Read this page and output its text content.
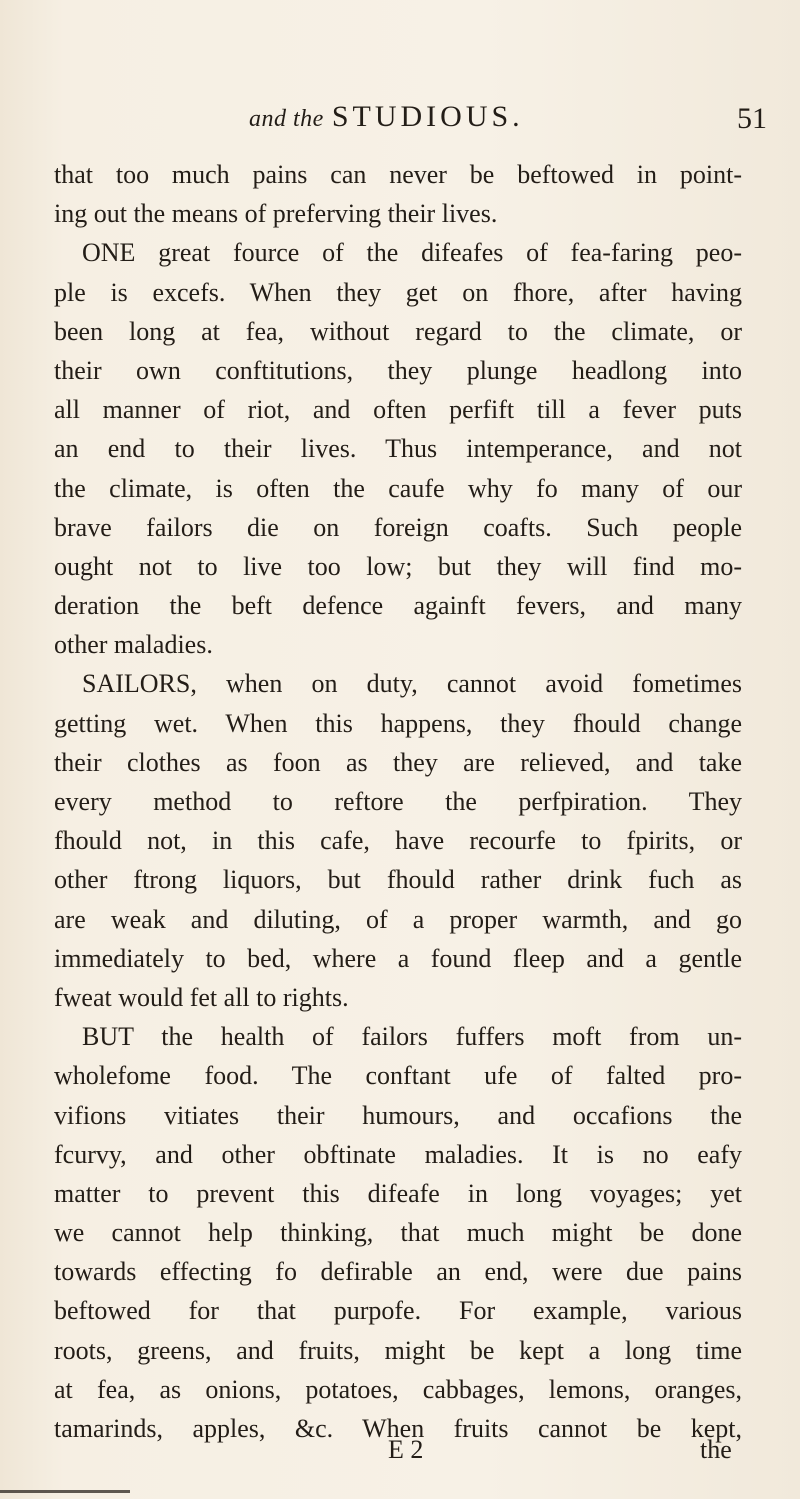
and the STUDIOUS.	51
that too much pains can never be beftowed in point-
ing out the means of preferving their lives.
ONE great fource of the difeafes of fea-faring peo-
ple is excefs. When they get on fhore, after having
been long at fea, without regard to the climate, or
their own conftitutions, they plunge headlong into
all manner of riot, and often perfift till a fever puts
an end to their lives. Thus intemperance, and not
the climate, is often the caufe why fo many of our
brave failors die on foreign coafts. Such people
ought not to live too low; but they will find mo-
deration the beft defence againft fevers, and many
other maladies.
SAILORS, when on duty, cannot avoid fometimes
getting wet. When this happens, they fhould change
their clothes as foon as they are relieved, and take
every method to reftore the perfpiration. They
fhould not, in this cafe, have recourfe to fpirits, or
other ftrong liquors, but fhould rather drink fuch as
are weak and diluting, of a proper warmth, and go
immediately to bed, where a found fleep and a gentle
fweat would fet all to rights.
BUT the health of failors fuffers moft from un-
wholefome food. The conftant ufe of falted pro-
vifions vitiates their humours, and occafions the
fcurvy, and other obftinate maladies. It is no eafy
matter to prevent this difeafe in long voyages; yet
we cannot help thinking, that much might be done
towards effecting fo defirable an end, were due pains
beftowed for that purpofe. For example, various
roots, greens, and fruits, might be kept a long time
at fea, as onions, potatoes, cabbages, lemons, oranges,
tamarinds, apples, &c. When fruits cannot be kept,
E 2	the
